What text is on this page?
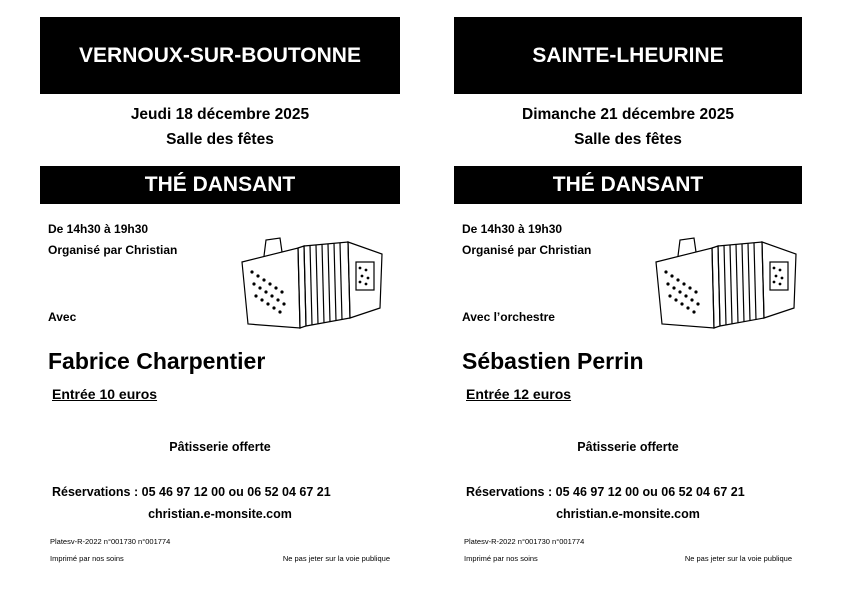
VERNOUX-SUR-BOUTONNE
Jeudi 18 décembre 2025
Salle des fêtes
THÉ DANSANT
De 14h30 à 19h30
Organisé par Christian
Avec
Fabrice Charpentier
Entrée 10 euros
Pâtisserie offerte
Réservations : 05 46 97 12 00 ou 06 52 04 67 21
christian.e-monsite.com
Platesv-R-2022 n°001730 n°001774
Imprimé par nos soins	Ne pas jeter sur la voie publique
SAINTE-LHEURINE
Dimanche 21 décembre 2025
Salle des fêtes
THÉ DANSANT
De 14h30 à 19h30
Organisé par Christian
Avec l’orchestre
Sébastien Perrin
Entrée 12 euros
Pâtisserie offerte
Réservations : 05 46 97 12 00 ou 06 52 04 67 21
christian.e-monsite.com
Platesv-R-2022 n°001730 n°001774
Imprimé par nos soins	Ne pas jeter sur la voie publique
